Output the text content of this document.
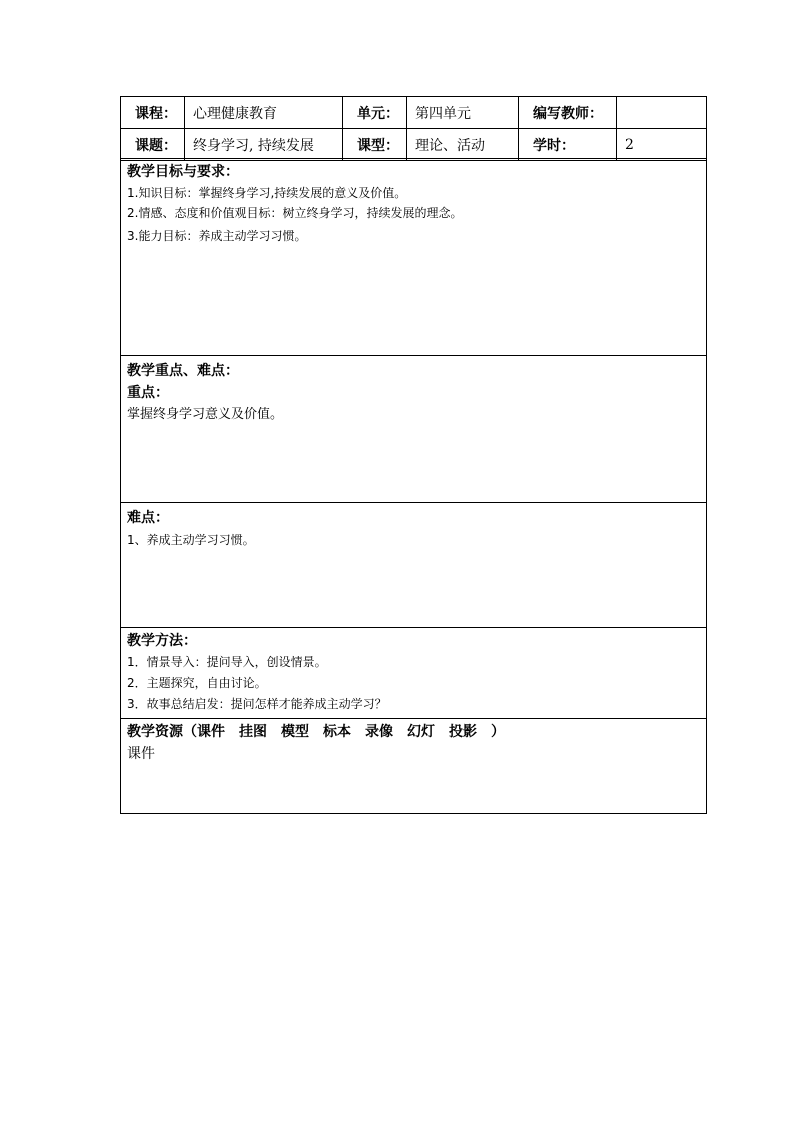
课程：	心理健康教育	单元：	第四单元	编写教师：	
课题：	终身学习, 持续发展	课型：	理论、活动	学时：	2
教学目标与要求：
1.知识目标：掌握终身学习,持续发展的意义及价值。
2.情感、态度和价值观目标：树立终身学习，持续发展的理念。
3.能力目标：养成主动学习习惯。
教学重点、难点：
重点：
掌握终身学习意义及价值。
难点：
1、养成主动学习习惯。
教学方法：
1．情景导入：提问导入，创设情景。
2．主题探究，自由讨论。
3．故事总结启发：提问怎样才能养成主动学习？
教学资源（课件　挂图　模型　标本　录像　幻灯　投影　）
课件
